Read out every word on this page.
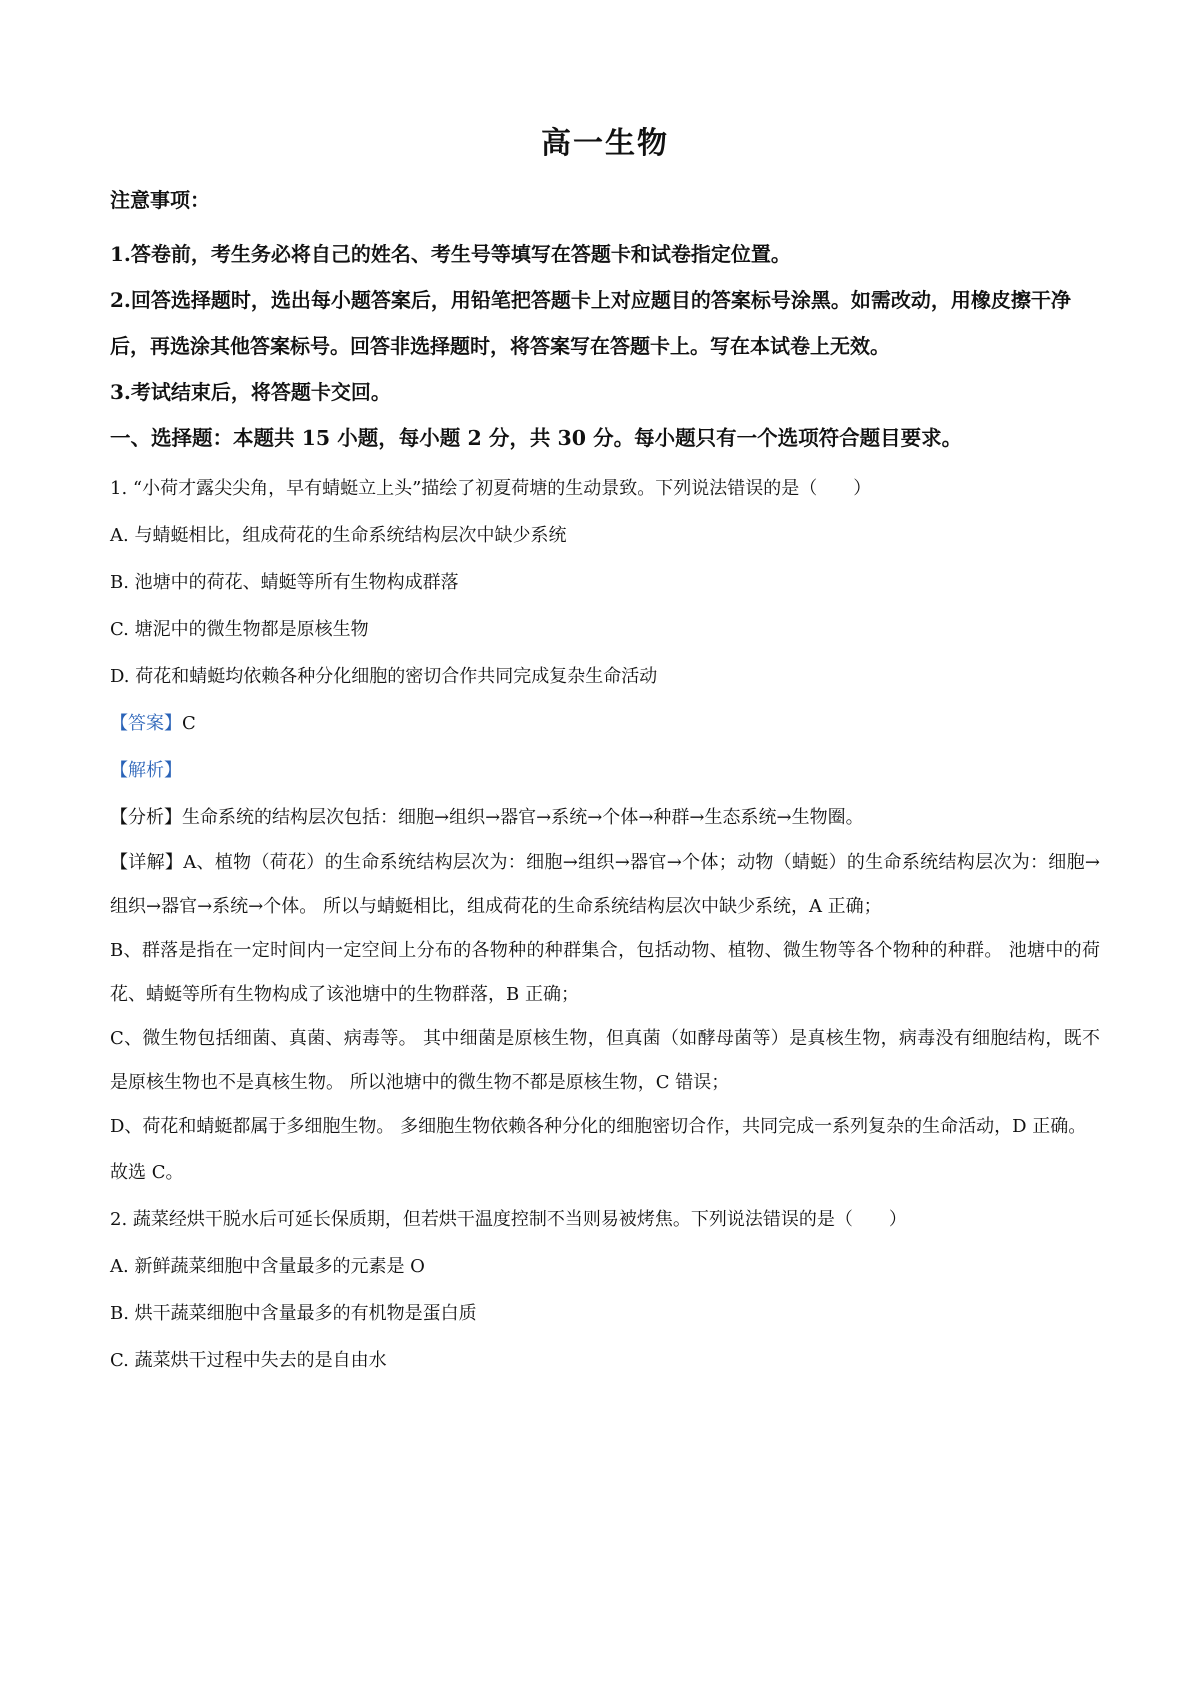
高一生物
注意事项：

1.答卷前，考生务必将自己的姓名、考生号等填写在答题卡和试卷指定位置。

2.回答选择题时，选出每小题答案后，用铅笔把答题卡上对应题目的答案标号涂黑。如需改动，用橡皮擦干净后，再选涂其他答案标号。回答非选择题时，将答案写在答题卡上。写在本试卷上无效。

3.考试结束后，将答题卡交回。

一、选择题：本题共 15 小题，每小题 2 分，共 30 分。每小题只有一个选项符合题目要求。

1. “小荷才露尖尖角，早有蜻蜓立上头”描绘了初夏荷塘的生动景致。下列说法错误的是（　　）

A. 与蜻蜓相比，组成荷花的生命系统结构层次中缺少系统

B. 池塘中的荷花、蜻蜓等所有生物构成群落

C. 塘泥中的微生物都是原核生物

D. 荷花和蜻蜓均依赖各种分化细胞的密切合作共同完成复杂生命活动

【答案】C

【解析】

【分析】生命系统的结构层次包括：细胞→组织→器官→系统→个体→种群→生态系统→生物圈。

【详解】A、植物（荷花）的生命系统结构层次为：细胞→组织→器官→个体；动物（蜻蜓）的生命系统结构层次为：细胞→组织→器官→系统→个体。 所以与蜻蜓相比，组成荷花的生命系统结构层次中缺少系统，A 正确；

B、群落是指在一定时间内一定空间上分布的各物种的种群集合，包括动物、植物、微生物等各个物种的种群。 池塘中的荷花、蜻蜓等所有生物构成了该池塘中的生物群落，B 正确；

C、微生物包括细菌、真菌、病毒等。 其中细菌是原核生物，但真菌（如酵母菌等）是真核生物，病毒没有细胞结构，既不是原核生物也不是真核生物。 所以池塘中的微生物不都是原核生物，C 错误；

D、荷花和蜻蜓都属于多细胞生物。 多细胞生物依赖各种分化的细胞密切合作，共同完成一系列复杂的生命活动，D 正确。

故选 C。

2. 蔬菜经烘干脱水后可延长保质期，但若烘干温度控制不当则易被烤焦。下列说法错误的是（　　）

A. 新鲜蔬菜细胞中含量最多的元素是 O

B. 烘干蔬菜细胞中含量最多的有机物是蛋白质

C. 蔬菜烘干过程中失去的是自由水
